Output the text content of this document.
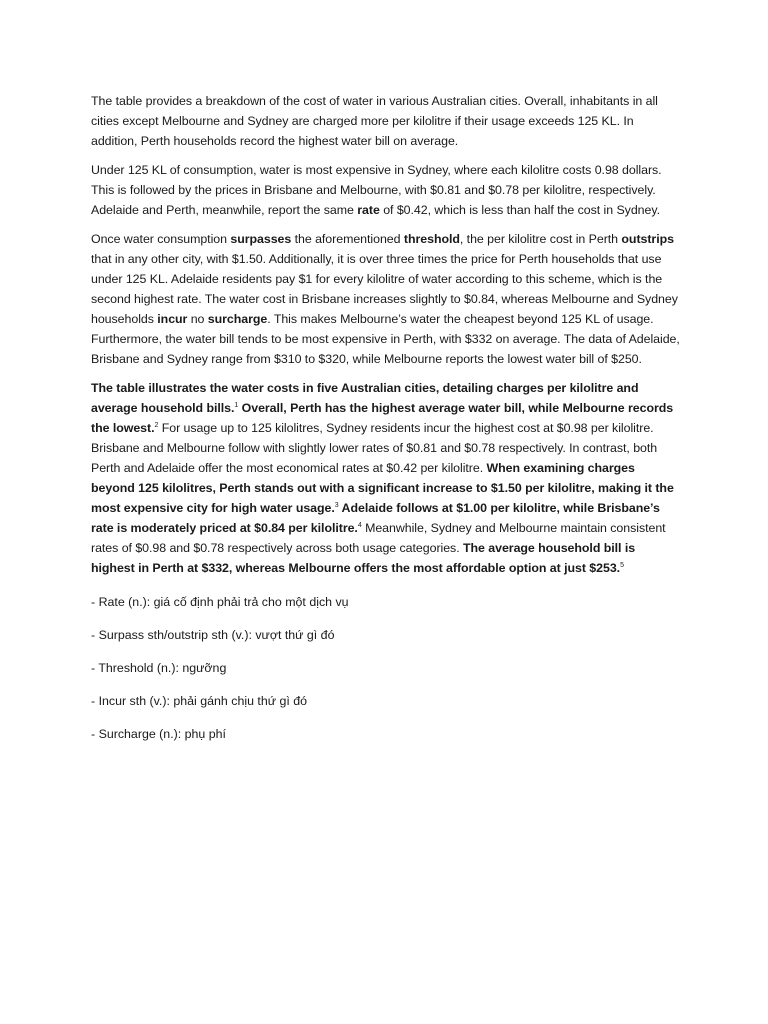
The table provides a breakdown of the cost of water in various Australian cities. Overall, inhabitants in all cities except Melbourne and Sydney are charged more per kilolitre if their usage exceeds 125 KL. In addition, Perth households record the highest water bill on average.

Under 125 KL of consumption, water is most expensive in Sydney, where each kilolitre costs 0.98 dollars. This is followed by the prices in Brisbane and Melbourne, with $0.81 and $0.78 per kilolitre, respectively. Adelaide and Perth, meanwhile, report the same rate of $0.42, which is less than half the cost in Sydney.

Once water consumption surpasses the aforementioned threshold, the per kilolitre cost in Perth outstrips that in any other city, with $1.50. Additionally, it is over three times the price for Perth households that use under 125 KL. Adelaide residents pay $1 for every kilolitre of water according to this scheme, which is the second highest rate. The water cost in Brisbane increases slightly to $0.84, whereas Melbourne and Sydney households incur no surcharge. This makes Melbourne’s water the cheapest beyond 125 KL of usage. Furthermore, the water bill tends to be most expensive in Perth, with $332 on average. The data of Adelaide, Brisbane and Sydney range from $310 to $320, while Melbourne reports the lowest water bill of $250.

The table illustrates the water costs in five Australian cities, detailing charges per kilolitre and average household bills.$^1$ Overall, Perth has the highest average water bill, while Melbourne records the lowest.$^2$ For usage up to 125 kilolitres, Sydney residents incur the highest cost at $0.98 per kilolitre. Brisbane and Melbourne follow with slightly lower rates of $0.81 and $0.78 respectively. In contrast, both Perth and Adelaide offer the most economical rates at $0.42 per kilolitre. When examining charges beyond 125 kilolitres, Perth stands out with a significant increase to $1.50 per kilolitre, making it the most expensive city for high water usage.$^3$ Adelaide follows at $1.00 per kilolitre, while Brisbane’s rate is moderately priced at $0.84 per kilolitre.$^4$ Meanwhile, Sydney and Melbourne maintain consistent rates of $0.98 and $0.78 respectively across both usage categories. The average household bill is highest in Perth at $332, whereas Melbourne offers the most affordable option at just $253.$^5$

- Rate (n.): giá cố định phải trả cho một dịch vụ

- Surpass sth/outstrip sth (v.): vượt thứ gì đó

- Threshold (n.): ngưỡng

- Incur sth (v.): phải gánh chịu thứ gì đó

- Surcharge (n.): phụ phí
